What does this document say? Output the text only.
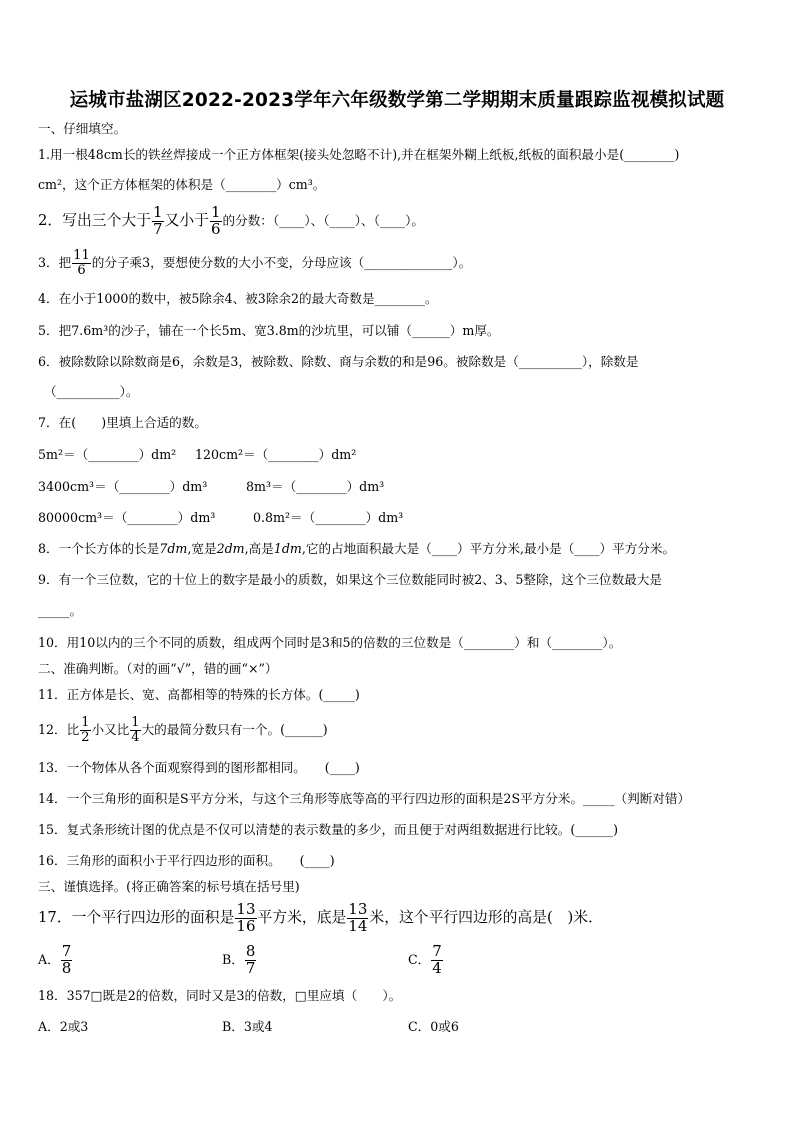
运城市盐湖区2022-2023学年六年级数学第二学期期末质量跟踪监视模拟试题
一、仔细填空。
1.用一根48cm长的铁丝焊接成一个正方体框架(接头处忽略不计),并在框架外糊上纸板,纸板的面积最小是(________)
cm²，这个正方体框架的体积是（________）cm³。
2．写出三个大于 $\frac{1}{7}$ 又小于 $\frac{1}{6}$ 的分数：（____）、（____）、（____）。
3．把 $\frac{11}{6}$ 的分子乘3，要想使分数的大小不变，分母应该（______________）。
4．在小于1000的数中，被5除余4、被3除余2的最大奇数是________。
5．把7.6m³的沙子，铺在一个长5m、宽3.8m的沙坑里，可以铺（______）m厚。
6．被除数除以除数商是6，余数是3，被除数、除数、商与余数的和是96。被除数是（__________），除数是
（__________）。
7．在(　　)里填上合适的数。
5m²＝（________）dm² 120cm²＝（________）dm²
3400cm³＝（________）dm³	8m³＝（________）dm³
80000cm³＝（________）dm³	0.8m²＝（________）dm³
8．一个长方体的长是7dm,宽是2dm,高是1dm,它的占地面积最大是（____）平方分米,最小是（____）平方分米。
9．有一个三位数，它的十位上的数字是最小的质数，如果这个三位数能同时被2、3、5整除，这个三位数最大是
_____。
10．用10以内的三个不同的质数，组成两个同时是3和5的倍数的三位数是（________）和（________）。
二、准确判断。（对的画“√”，错的画“×”）
11．正方体是长、宽、高都相等的特殊的长方体。(_____)
12．比 $\frac{1}{2}$ 小又比 $\frac{1}{4}$ 大的最简分数只有一个。(______)
13．一个物体从各个面观察得到的图形都相同。　　(____)
14．一个三角形的面积是S平方分米，与这个三角形等底等高的平行四边形的面积是2S平方分米。_____（判断对错）
15．复式条形统计图的优点是不仅可以清楚的表示数量的多少，而且便于对两组数据进行比较。(______)
16．三角形的面积小于平行四边形的面积。　　(____)
三、谨慎选择。(将正确答案的标号填在括号里)
17．一个平行四边形的面积是 $\frac{13}{16}$ 平方米，底是 $\frac{13}{14}$ 米，这个平行四边形的高是(　)米．
A． $\frac{7}{8}$	B． $\frac{8}{7}$	C． $\frac{7}{4}$
18．357□既是2的倍数，同时又是3的倍数，□里应填（　　）。
A．2或3	B．3或4	C．0或6
